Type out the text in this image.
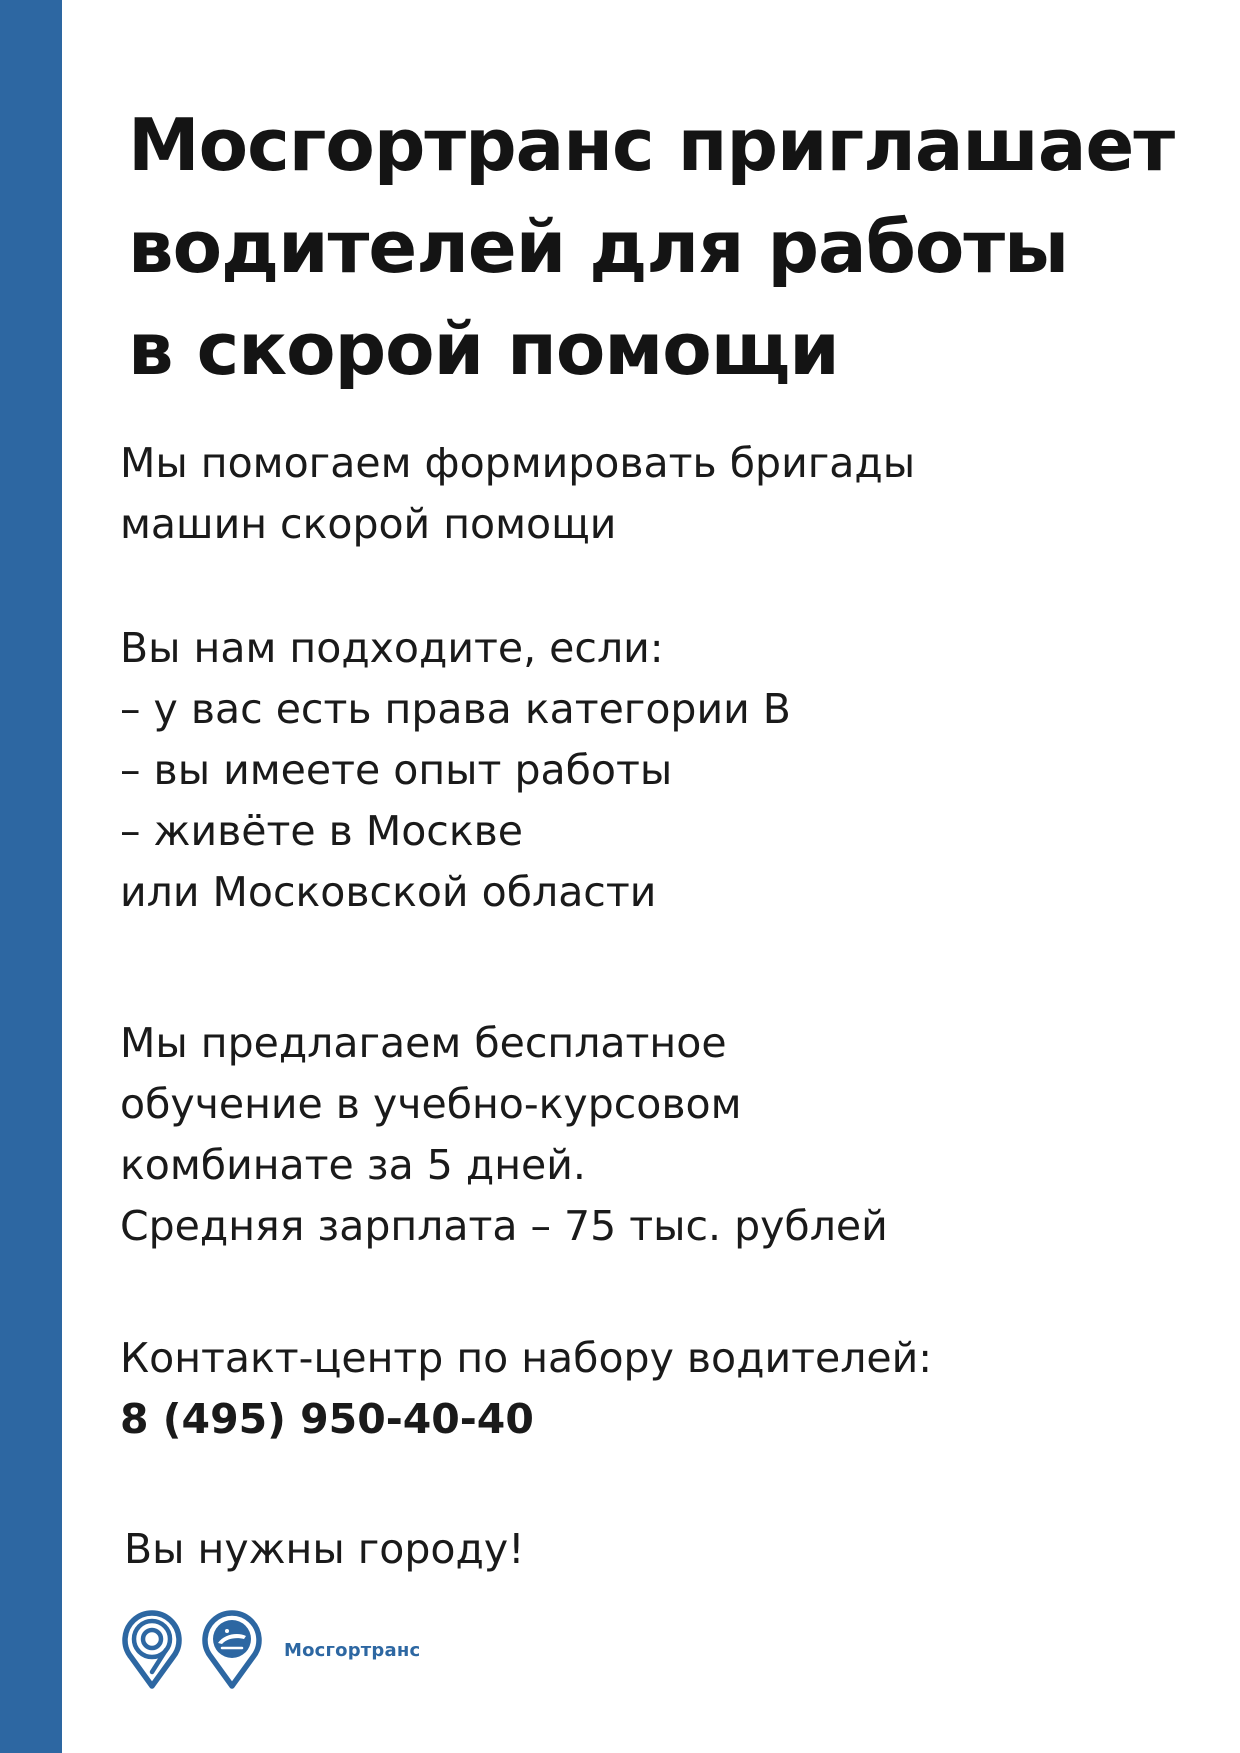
Мосгортранс приглашает
водителей для работы
в скорой помощи

Мы помогаем формировать бригады
машин скорой помощи

Вы нам подходите, если:
– у вас есть права категории В
– вы имеете опыт работы
– живёте в Москве
или Московской области

Мы предлагаем бесплатное
обучение в учебно-курсовом
комбинате за 5 дней.
Средняя зарплата – 75 тыс. рублей

Контакт-центр по набору водителей:
8 (495) 950-40-40

Вы нужны городу!

Мосгортранс
